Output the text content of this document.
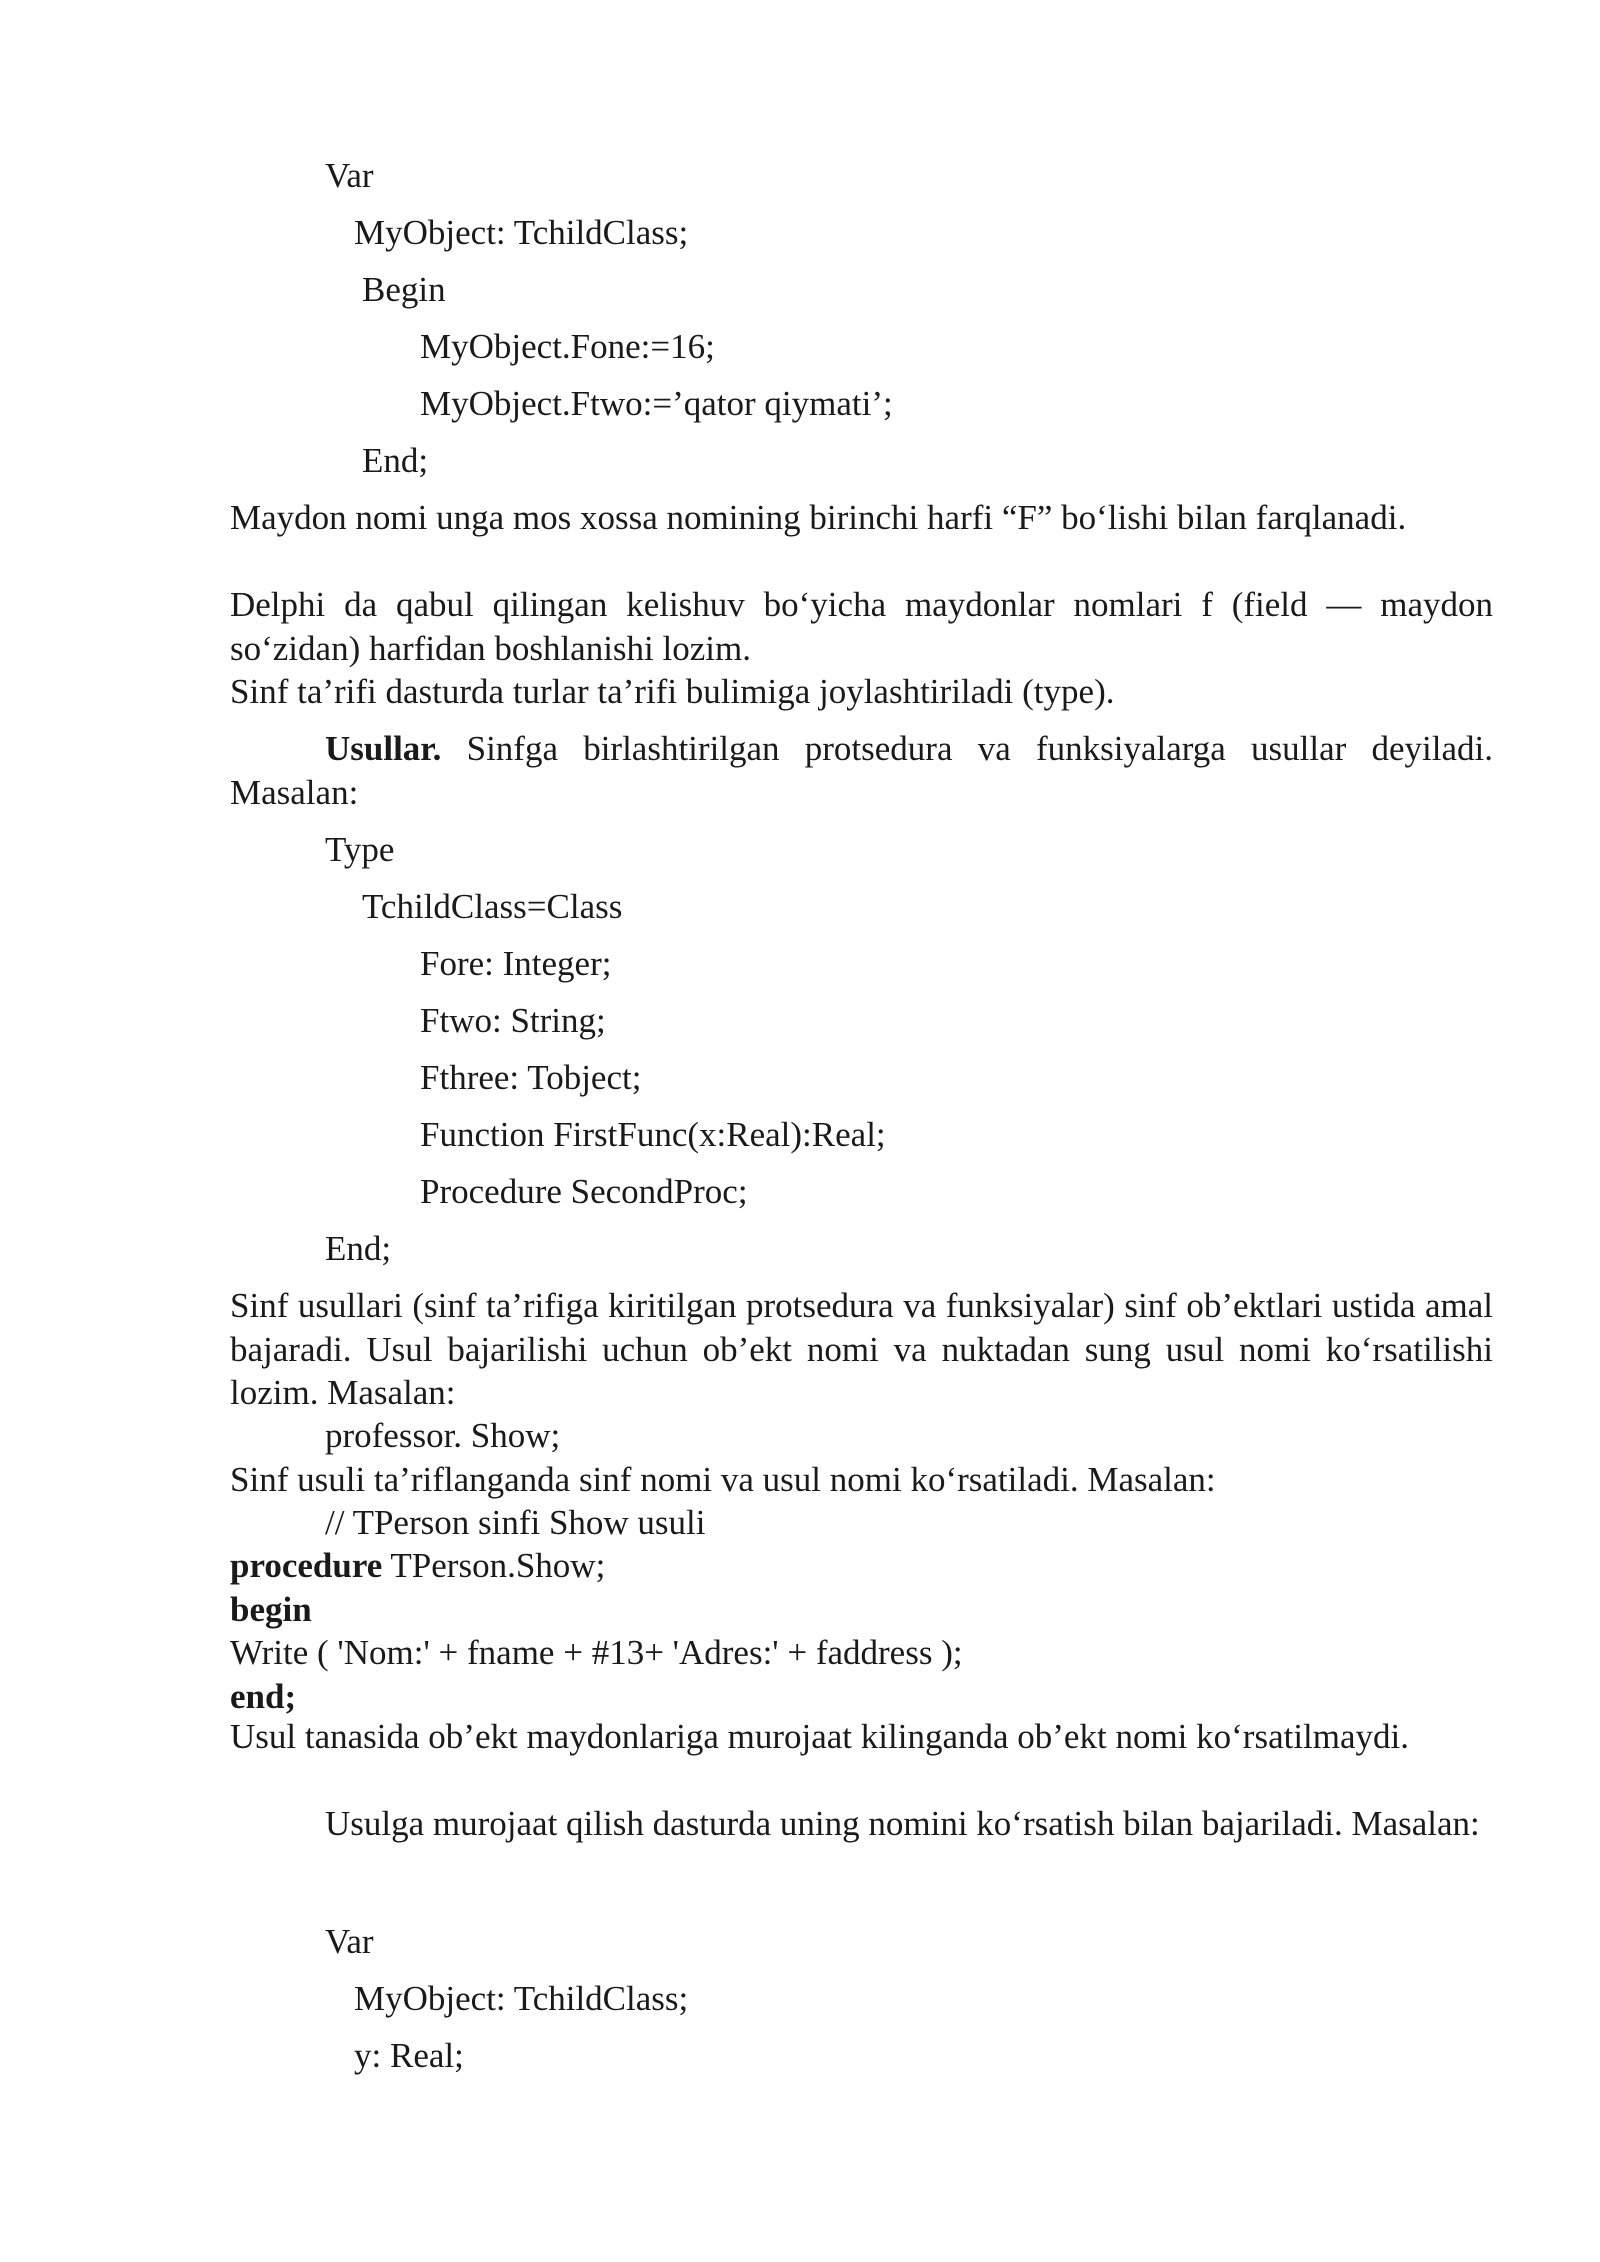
Var
MyObject: TchildClass;
Begin
MyObject.Fone:=16;
MyObject.Ftwo:=’qator qiymati’;
End;
Maydon nomi unga mos xossa nomining birinchi harfi “F” bo‘lishi bilan farqlanadi.
Delphi da qabul qilingan kelishuv bo‘yicha maydonlar nomlari f (field — maydon so‘zidan) harfidan boshlanishi lozim.
Sinf ta’rifi dasturda turlar ta’rifi bulimiga joylashtiriladi (type).
Usullar. Sinfga birlashtirilgan protsedura va funksiyalarga usullar deyiladi. Masalan:
Type
TchildClass=Class
Fore: Integer;
Ftwo: String;
Fthree: Tobject;
Function FirstFunc(x:Real):Real;
Procedure SecondProc;
End;
Sinf usullari (sinf ta’rifiga kiritilgan protsedura va funksiyalar) sinf ob’ektlari ustida amal bajaradi. Usul bajarilishi uchun ob’ekt nomi va nuktadan sung usul nomi ko‘rsatilishi lozim. Masalan:
professor. Show;
Sinf usuli ta’riflanganda sinf nomi va usul nomi ko‘rsatiladi. Masalan:
// TPerson sinfi Show usuli
procedure TPerson.Show;
begin
Write ( 'Nom:' + fname + #13+ 'Adres:' + faddress );
end;
Usul tanasida ob’ekt maydonlariga murojaat kilinganda ob’ekt nomi ko‘rsatilmaydi.
Usulga murojaat qilish dasturda uning nomini ko‘rsatish bilan bajariladi. Masalan:
Var
MyObject: TchildClass;
y: Real;
